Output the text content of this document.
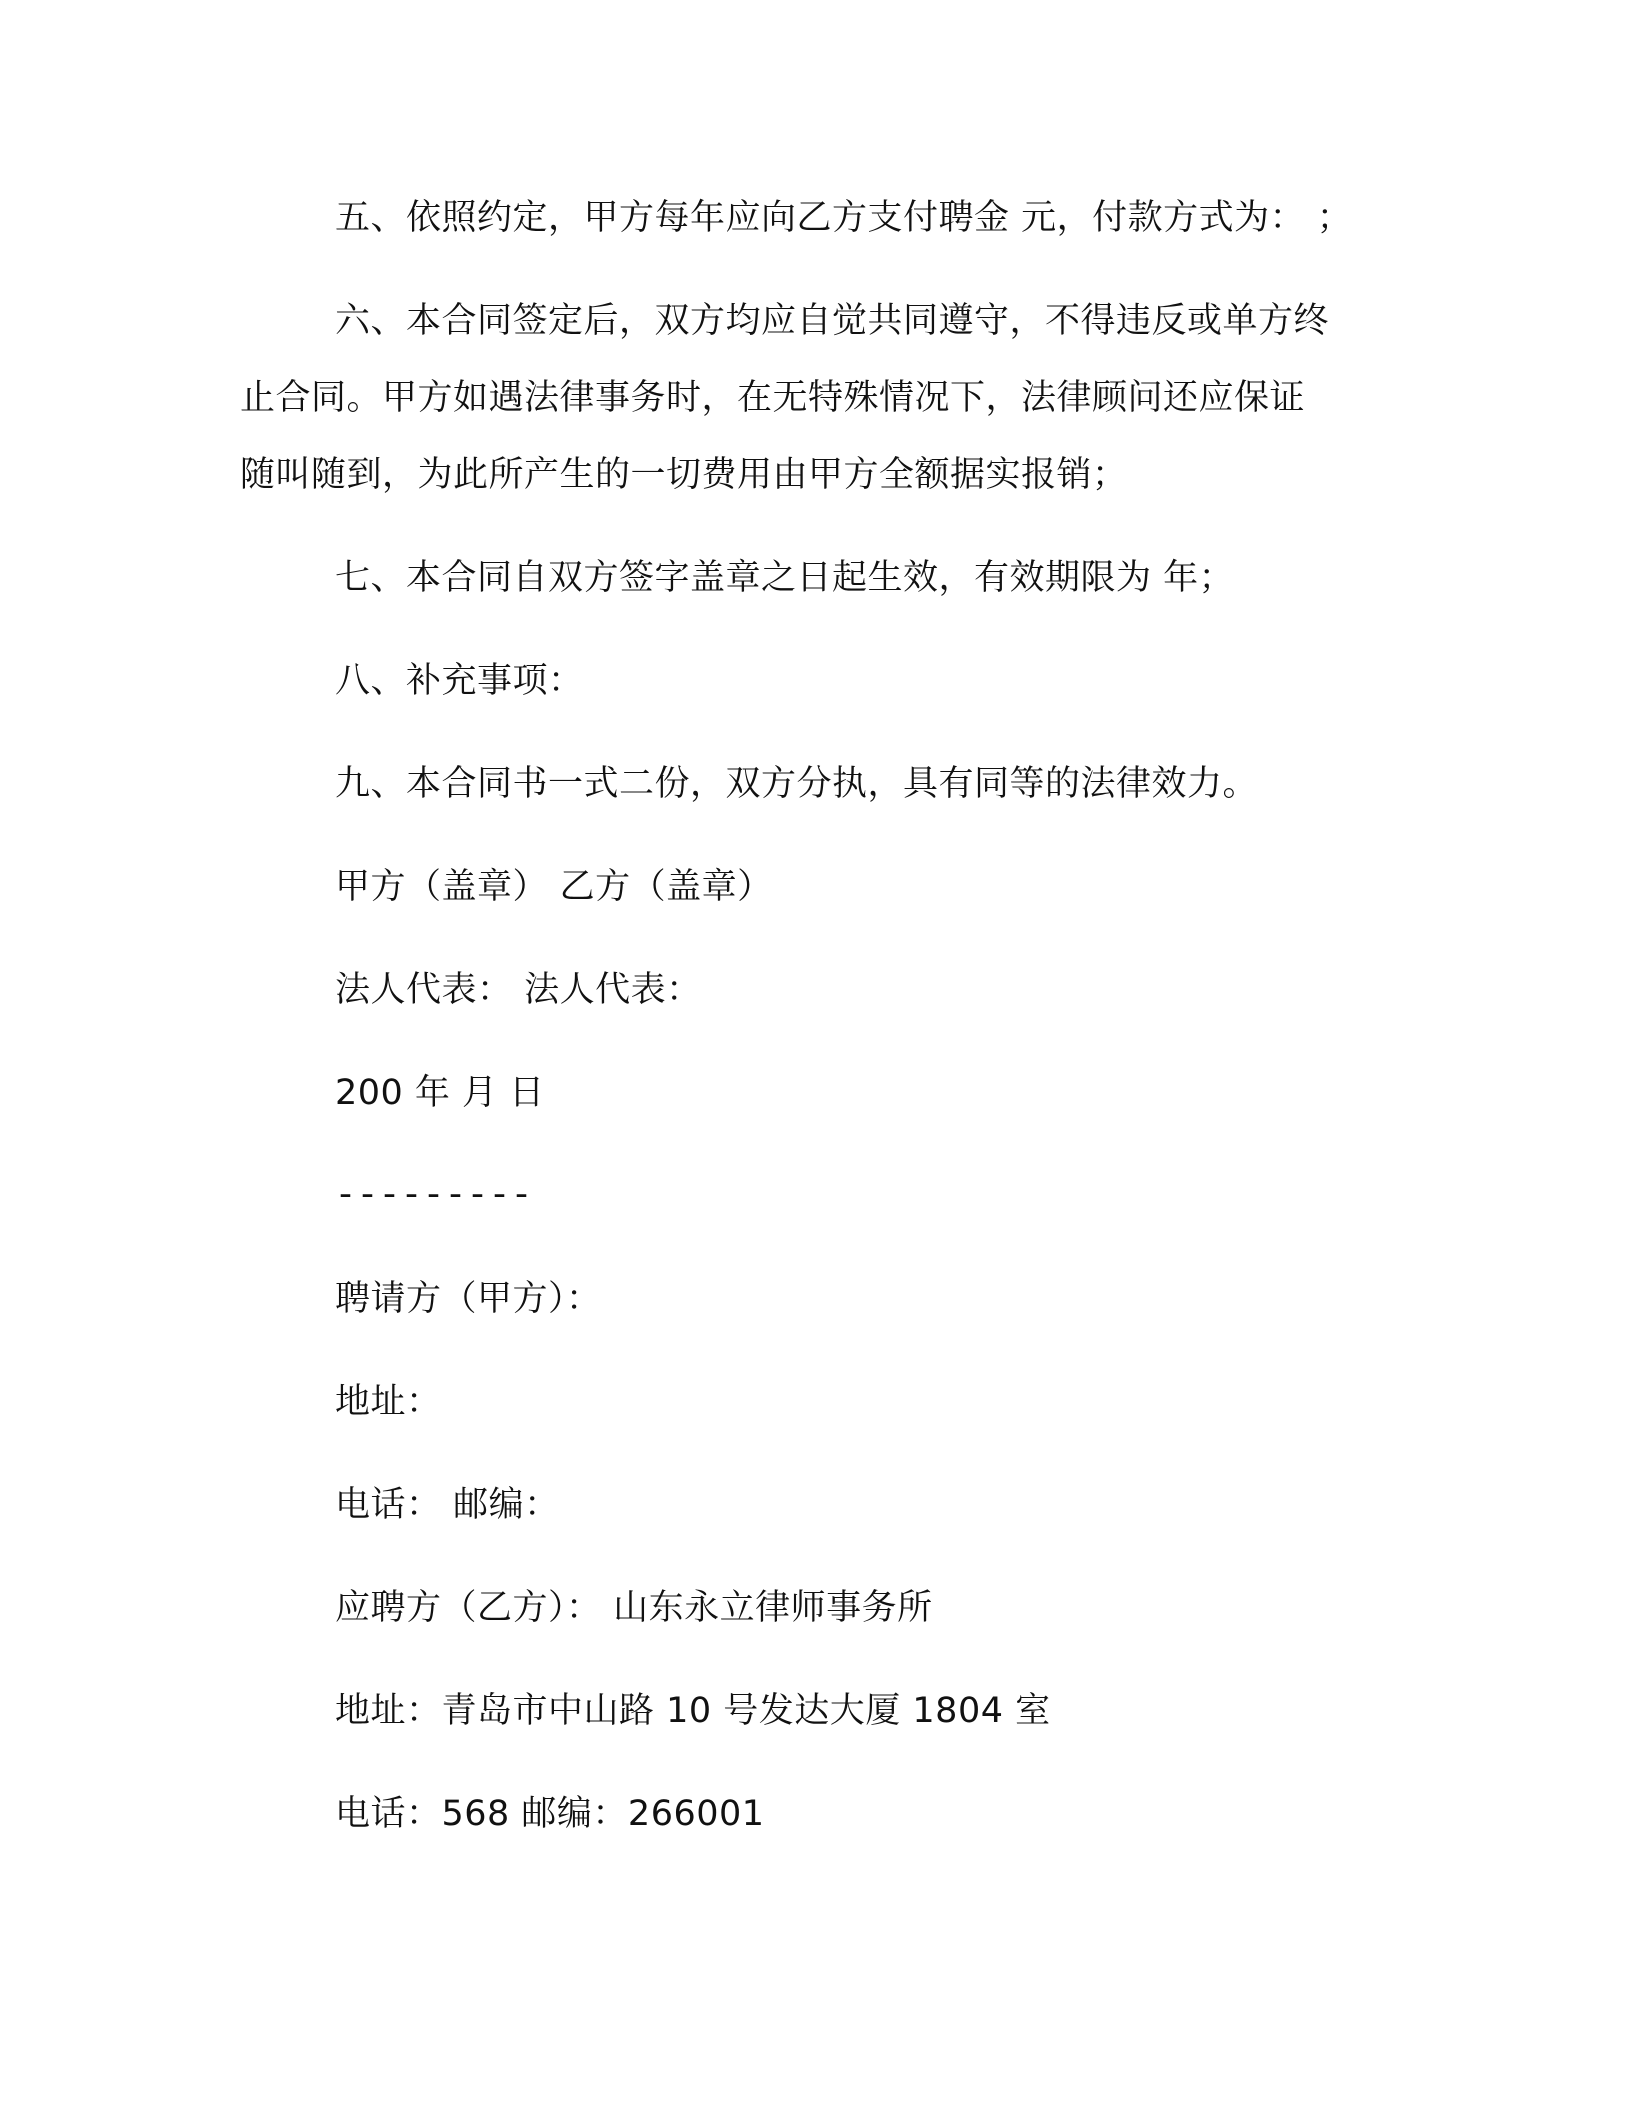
五、依照约定，甲方每年应向乙方支付聘金 元，付款方式为： ；
六、本合同签定后，双方均应自觉共同遵守，不得违反或单方终
止合同。甲方如遇法律事务时，在无特殊情况下，法律顾问还应保证
随叫随到，为此所产生的一切费用由甲方全额据实报销；
七、本合同自双方签字盖章之日起生效，有效期限为 年；
八、补充事项：
九、本合同书一式二份，双方分执，具有同等的法律效力。
甲方（盖章） 乙方（盖章）
法人代表： 法人代表：
200 年 月 日
---------
聘请方（甲方）：
地址：
电话： 邮编：
应聘方（乙方）： 山东永立律师事务所
地址：青岛市中山路 10 号发达大厦 1804 室
电话：568 邮编：266001
